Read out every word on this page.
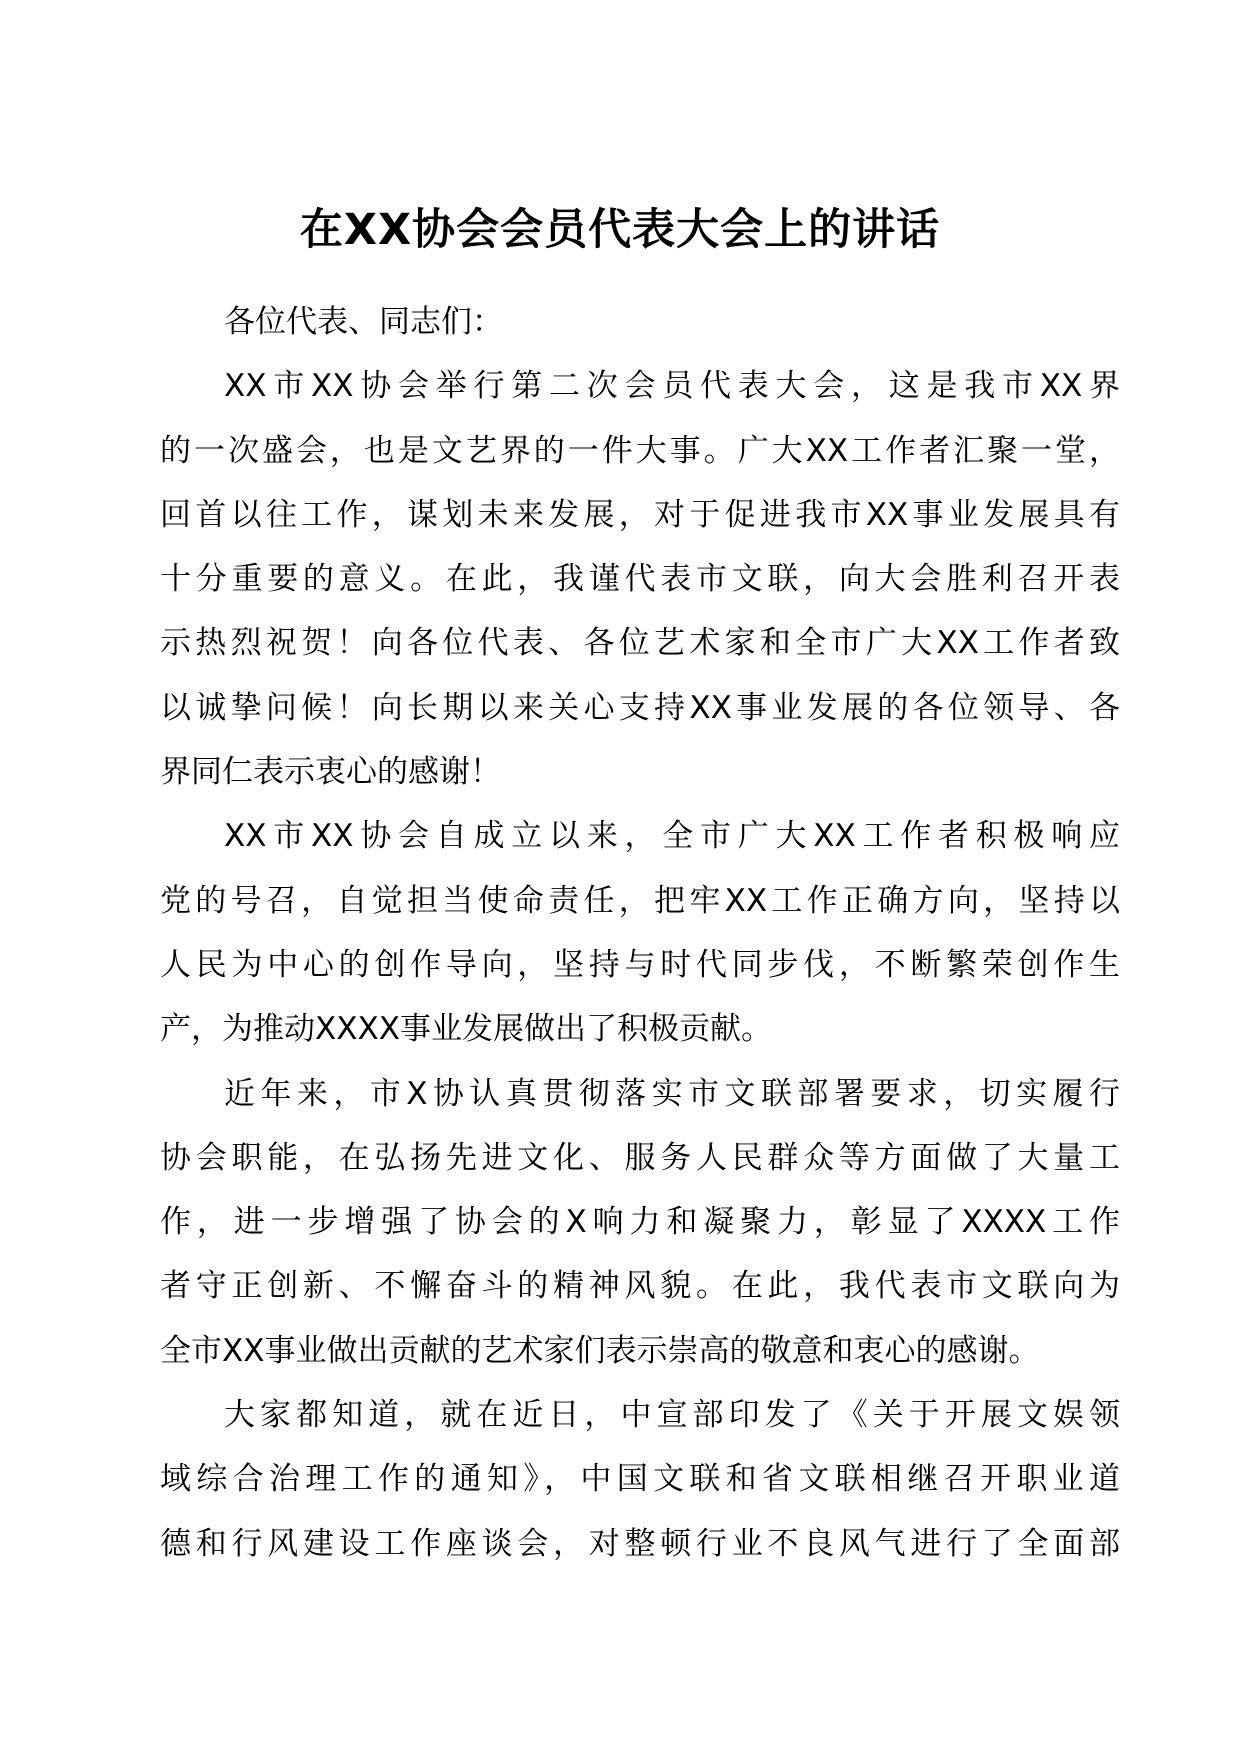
在XX协会会员代表大会上的讲话
各位代表、同志们：
XX市XX协会举行第二次会员代表大会，这是我市XX界
的一次盛会，也是文艺界的一件大事。广大XX工作者汇聚一堂，
回首以往工作，谋划未来发展，对于促进我市XX事业发展具有
十分重要的意义。在此，我谨代表市文联，向大会胜利召开表
示热烈祝贺！向各位代表、各位艺术家和全市广大XX工作者致
以诚挚问候！向长期以来关心支持XX事业发展的各位领导、各
界同仁表示衷心的感谢！
XX市XX协会自成立以来，全市广大XX工作者积极响应
党的号召，自觉担当使命责任，把牢XX工作正确方向，坚持以
人民为中心的创作导向，坚持与时代同步伐，不断繁荣创作生
产，为推动XXXX事业发展做出了积极贡献。
近年来，市X协认真贯彻落实市文联部署要求，切实履行
协会职能，在弘扬先进文化、服务人民群众等方面做了大量工
作，进一步增强了协会的X响力和凝聚力，彰显了XXXX工作
者守正创新、不懈奋斗的精神风貌。在此，我代表市文联向为
全市XX事业做出贡献的艺术家们表示崇高的敬意和衷心的感谢。
大家都知道，就在近日，中宣部印发了《关于开展文娱领
域综合治理工作的通知》，中国文联和省文联相继召开职业道
德和行风建设工作座谈会，对整顿行业不良风气进行了全面部
